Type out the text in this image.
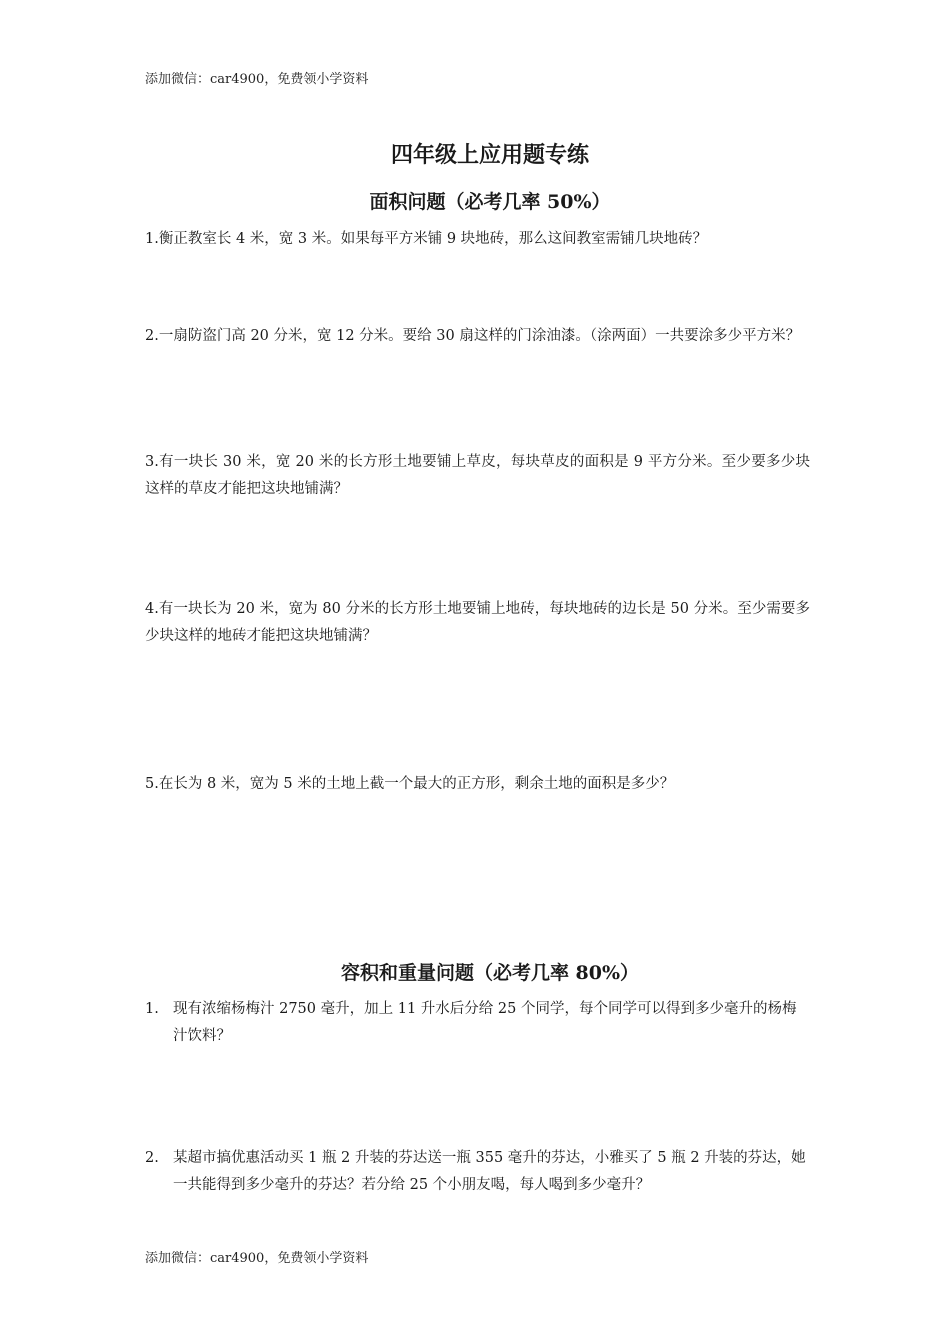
添加微信：car4900，免费领小学资料
四年级上应用题专练
面积问题（必考几率 50%）
1.衡正教室长 4 米，宽 3 米。如果每平方米铺 9 块地砖，那么这间教室需铺几块地砖？
2.一扇防盗门高 20 分米，宽 12 分米。要给 30 扇这样的门涂油漆。（涂两面）一共要涂多少平方米？
3.有一块长 30 米，宽 20 米的长方形土地要铺上草皮，每块草皮的面积是 9 平方分米。至少要多少块这样的草皮才能把这块地铺满？
4.有一块长为 20 米，宽为 80 分米的长方形土地要铺上地砖，每块地砖的边长是 50 分米。至少需要多少块这样的地砖才能把这块地铺满？
5.在长为 8 米，宽为 5 米的土地上截一个最大的正方形，剩余土地的面积是多少？
容积和重量问题（必考几率 80%）
1. 现有浓缩杨梅汁 2750 毫升，加上 11 升水后分给 25 个同学，每个同学可以得到多少毫升的杨梅汁饮料？
2. 某超市搞优惠活动买 1 瓶 2 升装的芬达送一瓶 355 毫升的芬达，小雅买了 5 瓶 2 升装的芬达，她一共能得到多少毫升的芬达？若分给 25 个小朋友喝，每人喝到多少毫升？
添加微信：car4900，免费领小学资料
